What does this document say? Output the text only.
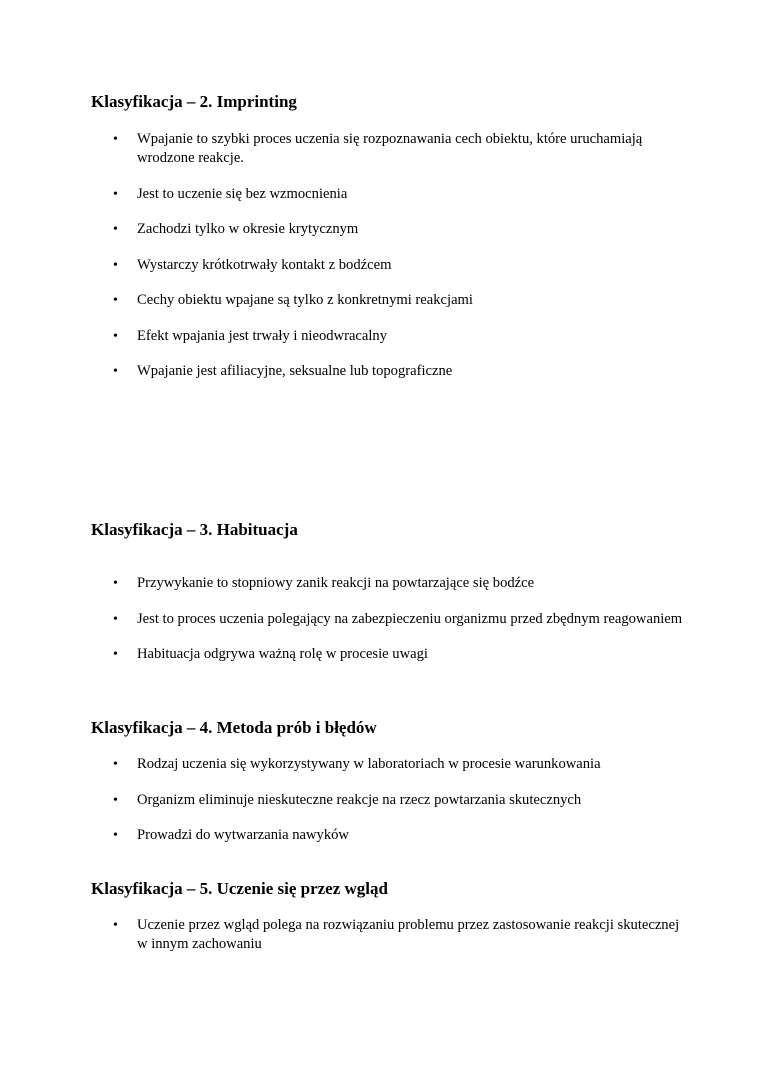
Klasyfikacja – 2. Imprinting
• Wpajanie to szybki proces uczenia się rozpoznawania cech obiektu, które uruchamiają wrodzone reakcje.
• Jest to uczenie się bez wzmocnienia
• Zachodzi tylko w okresie krytycznym
• Wystarczy krótkotrwały kontakt z bodźcem
• Cechy obiektu wpajane są tylko z konkretnymi reakcjami
• Efekt wpajania jest trwały i nieodwracalny
• Wpajanie jest afiliacyjne, seksualne lub topograficzne
Klasyfikacja – 3. Habituacja
• Przywykanie to stopniowy zanik reakcji na powtarzające się bodźce
• Jest to proces uczenia polegający na zabezpieczeniu organizmu przed zbędnym reagowaniem
• Habituacja odgrywa ważną rolę w procesie uwagi
Klasyfikacja – 4. Metoda prób i błędów
• Rodzaj uczenia się wykorzystywany w laboratoriach w procesie warunkowania
• Organizm eliminuje nieskuteczne reakcje na rzecz powtarzania skutecznych
• Prowadzi do wytwarzania nawyków
Klasyfikacja – 5. Uczenie się przez wgląd
• Uczenie przez wgląd polega na rozwiązaniu problemu przez zastosowanie reakcji skutecznej w innym zachowaniu
